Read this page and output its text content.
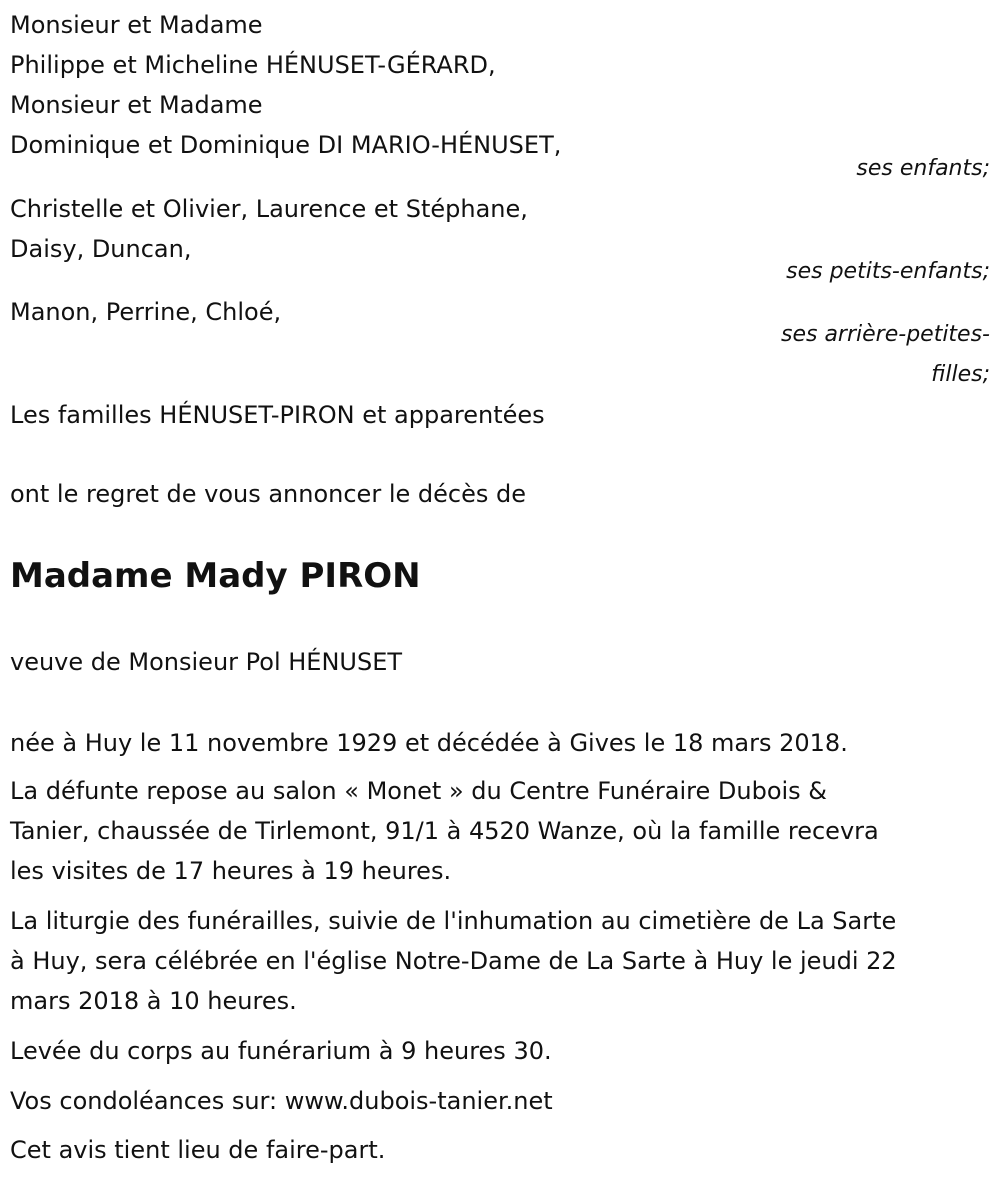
Monsieur et Madame
Philippe et Micheline HÉNUSET-GÉRARD,
Monsieur et Madame
Dominique et Dominique DI MARIO-HÉNUSET,
ses enfants;
Christelle et Olivier, Laurence et Stéphane,
Daisy, Duncan,
ses petits-enfants;
Manon, Perrine, Chloé,
ses arrière-petites-
filles;
Les familles HÉNUSET-PIRON et apparentées
ont le regret de vous annoncer le décès de
Madame Mady PIRON
veuve de Monsieur Pol HÉNUSET
née à Huy le 11 novembre 1929 et décédée à Gives le 18 mars 2018.
La défunte repose au salon « Monet » du Centre Funéraire Dubois &
Tanier, chaussée de Tirlemont, 91/1 à 4520 Wanze, où la famille recevra
les visites de 17 heures à 19 heures.
La liturgie des funérailles, suivie de l'inhumation au cimetière de La Sarte
à Huy, sera célébrée en l'église Notre-Dame de La Sarte à Huy le jeudi 22
mars 2018 à 10 heures.
Levée du corps au funérarium à 9 heures 30.
Vos condoléances sur: www.dubois-tanier.net
Cet avis tient lieu de faire-part.
